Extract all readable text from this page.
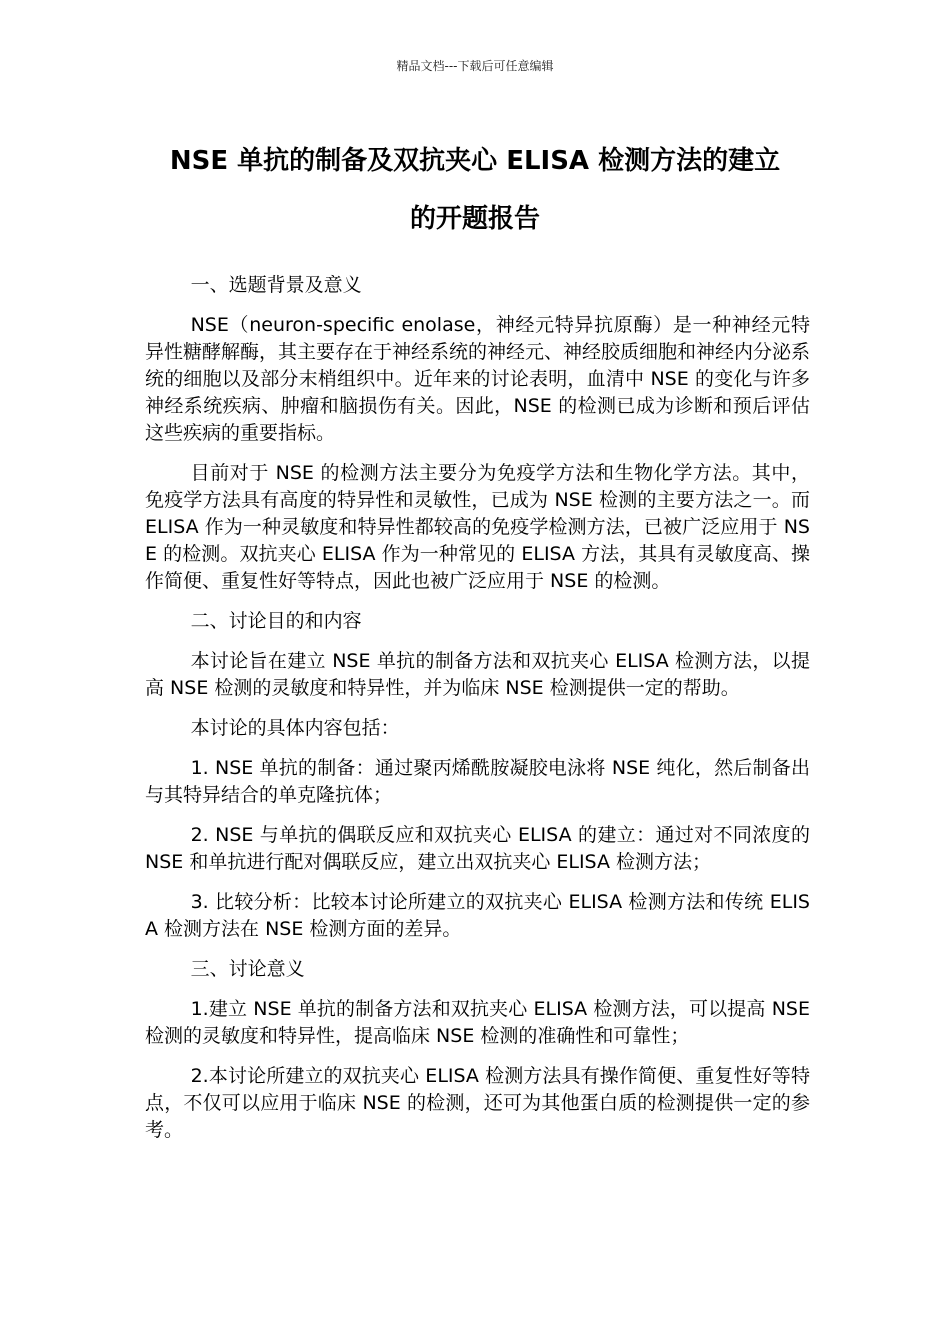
精品文档---下载后可任意编辑
NSE 单抗的制备及双抗夹心 ELISA 检测方法的建立
的开题报告

一、选题背景及意义

NSE（neuron-specific enolase，神经元特异抗原酶）是一种神经元特异性糖酵解酶，其主要存在于神经系统的神经元、神经胶质细胞和神经内分泌系统的细胞以及部分末梢组织中。近年来的讨论表明，血清中 NSE 的变化与许多神经系统疾病、肿瘤和脑损伤有关。因此，NSE 的检测已成为诊断和预后评估这些疾病的重要指标。

目前对于 NSE 的检测方法主要分为免疫学方法和生物化学方法。其中，免疫学方法具有高度的特异性和灵敏性，已成为 NSE 检测的主要方法之一。而 ELISA 作为一种灵敏度和特异性都较高的免疫学检测方法，已被广泛应用于 NSE 的检测。双抗夹心 ELISA 作为一种常见的 ELISA 方法，其具有灵敏度高、操作简便、重复性好等特点，因此也被广泛应用于 NSE 的检测。

二、讨论目的和内容

本讨论旨在建立 NSE 单抗的制备方法和双抗夹心 ELISA 检测方法，以提高 NSE 检测的灵敏度和特异性，并为临床 NSE 检测提供一定的帮助。

本讨论的具体内容包括：

1. NSE 单抗的制备：通过聚丙烯酰胺凝胶电泳将 NSE 纯化，然后制备出与其特异结合的单克隆抗体；

2. NSE 与单抗的偶联反应和双抗夹心 ELISA 的建立：通过对不同浓度的 NSE 和单抗进行配对偶联反应，建立出双抗夹心 ELISA 检测方法；

3. 比较分析：比较本讨论所建立的双抗夹心 ELISA 检测方法和传统 ELISA 检测方法在 NSE 检测方面的差异。

三、讨论意义

1.建立 NSE 单抗的制备方法和双抗夹心 ELISA 检测方法，可以提高 NSE 检测的灵敏度和特异性，提高临床 NSE 检测的准确性和可靠性；

2.本讨论所建立的双抗夹心 ELISA 检测方法具有操作简便、重复性好等特点，不仅可以应用于临床 NSE 的检测，还可为其他蛋白质的检测提供一定的参考。
